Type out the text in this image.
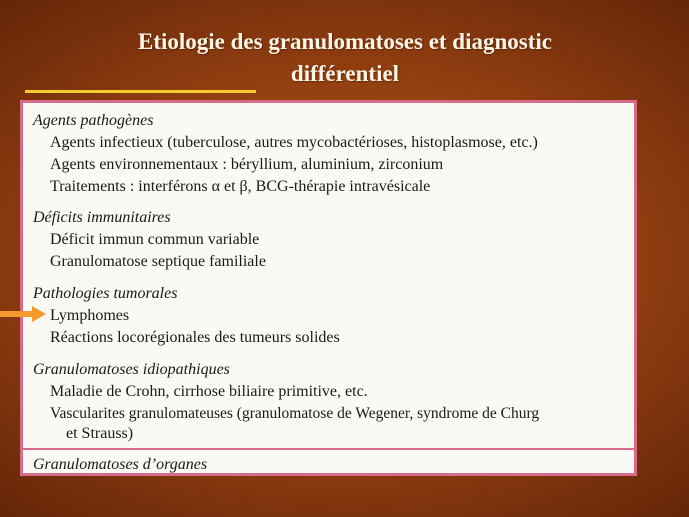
Etiologie des granulomatoses et diagnostic
différentiel
Agents pathogènes
Agents infectieux (tuberculose, autres mycobactérioses, histoplasmose, etc.)
Agents environnementaux : béryllium, aluminium, zirconium
Traitements : interférons α et β, BCG-thérapie intravésicale
Déficits immunitaires
Déficit immun commun variable
Granulomatose septique familiale
Pathologies tumorales
Lymphomes
Réactions locorégionales des tumeurs solides
Granulomatoses idiopathiques
Maladie de Crohn, cirrhose biliaire primitive, etc.
Vascularites granulomateuses (granulomatose de Wegener, syndrome de Churg
et Strauss)
Granulomatoses d’organes
